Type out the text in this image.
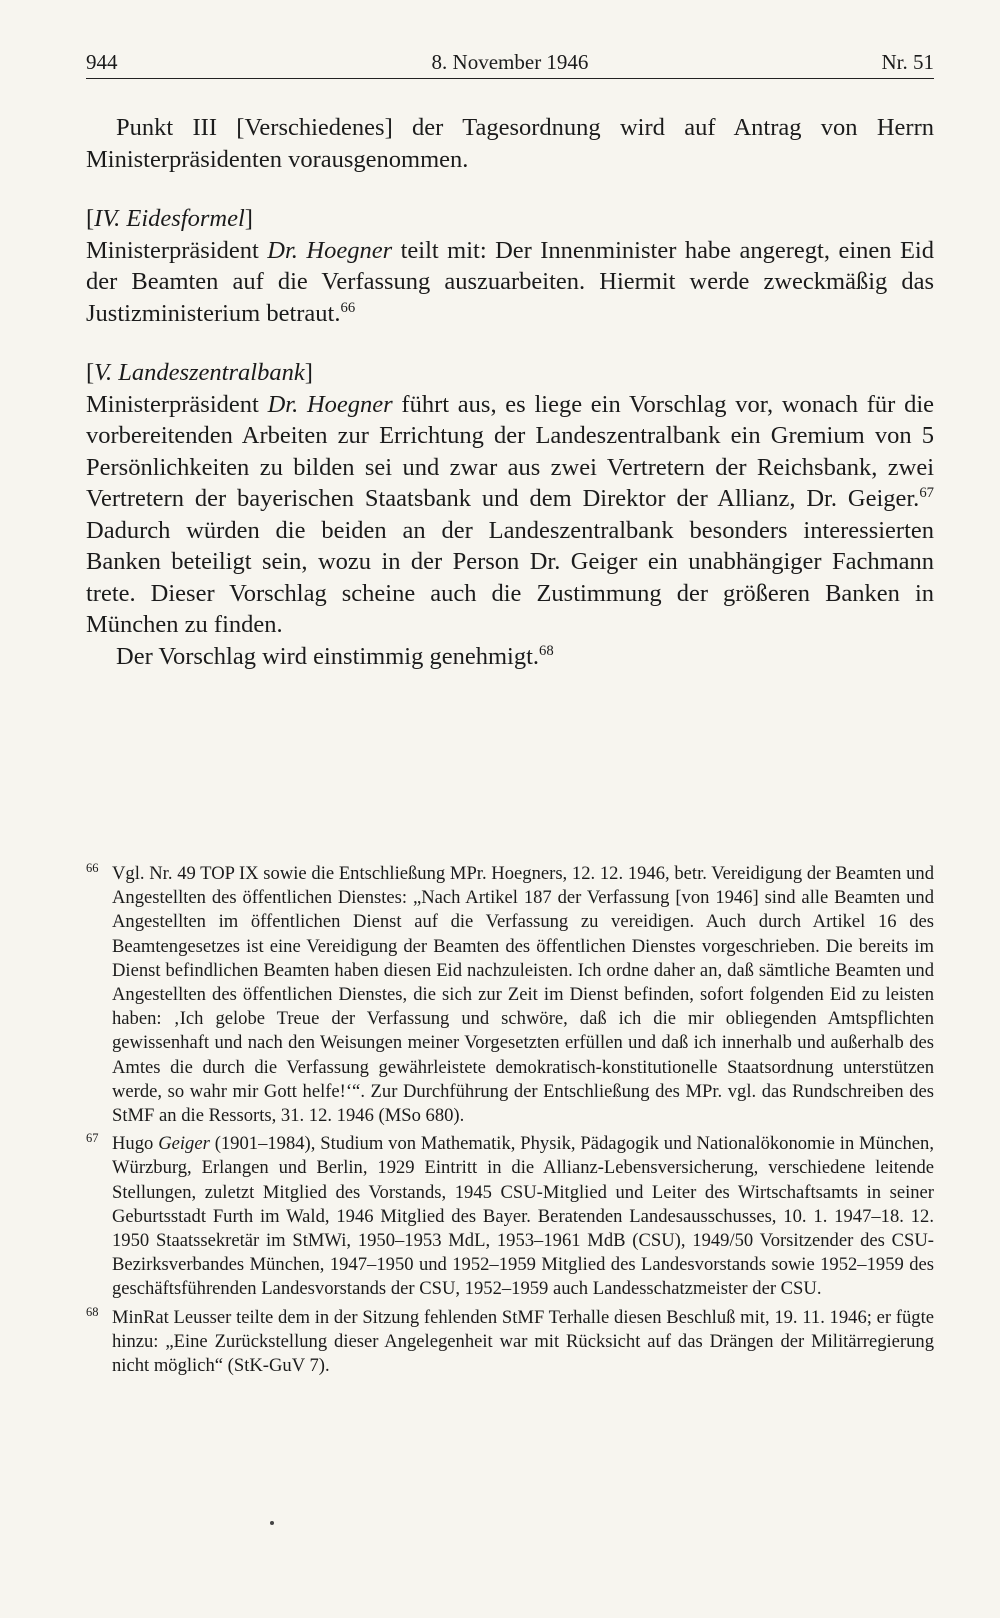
944	8. November 1946	Nr. 51

Punkt III [Verschiedenes] der Tagesordnung wird auf Antrag von Herrn Ministerpräsidenten vorausgenommen.

[IV. Eidesformel]

Ministerpräsident Dr. Hoegner teilt mit: Der Innenminister habe angeregt, einen Eid der Beamten auf die Verfassung auszuarbeiten. Hiermit werde zweckmäßig das Justizministerium betraut.$^{66}$

[V. Landeszentralbank]

Ministerpräsident Dr. Hoegner führt aus, es liege ein Vorschlag vor, wonach für die vorbereitenden Arbeiten zur Errichtung der Landeszentralbank ein Gremium von 5 Persönlichkeiten zu bilden sei und zwar aus zwei Vertretern der Reichsbank, zwei Vertretern der bayerischen Staatsbank und dem Direktor der Allianz, Dr. Geiger.$^{67}$ Dadurch würden die beiden an der Landeszentralbank besonders interessierten Banken beteiligt sein, wozu in der Person Dr. Geiger ein unabhängiger Fachmann trete. Dieser Vorschlag scheine auch die Zustimmung der größeren Banken in München zu finden.

Der Vorschlag wird einstimmig genehmigt.$^{68}$

66 Vgl. Nr. 49 TOP IX sowie die Entschließung MPr. Hoegners, 12. 12. 1946, betr. Vereidigung der Beamten und Angestellten des öffentlichen Dienstes: „Nach Artikel 187 der Verfassung [von 1946] sind alle Beamten und Angestellten im öffentlichen Dienst auf die Verfassung zu vereidigen. Auch durch Artikel 16 des Beamtengesetzes ist eine Vereidigung der Beamten des öffentlichen Dienstes vorgeschrieben. Die bereits im Dienst befindlichen Beamten haben diesen Eid nachzuleisten. Ich ordne daher an, daß sämtliche Beamten und Angestellten des öffentlichen Dienstes, die sich zur Zeit im Dienst befinden, sofort folgenden Eid zu leisten haben: ‚Ich gelobe Treue der Verfassung und schwöre, daß ich die mir obliegenden Amtspflichten gewissenhaft und nach den Weisungen meiner Vorgesetzten erfüllen und daß ich innerhalb und außerhalb des Amtes die durch die Verfassung gewährleistete demokratisch-konstitutionelle Staatsordnung unterstützen werde, so wahr mir Gott helfe!‘“. Zur Durchführung der Entschließung des MPr. vgl. das Rundschreiben des StMF an die Ressorts, 31. 12. 1946 (MSo 680).

67 Hugo Geiger (1901–1984), Studium von Mathematik, Physik, Pädagogik und Nationalökonomie in München, Würzburg, Erlangen und Berlin, 1929 Eintritt in die Allianz-Lebensversicherung, verschiedene leitende Stellungen, zuletzt Mitglied des Vorstands, 1945 CSU-Mitglied und Leiter des Wirtschaftsamts in seiner Geburtsstadt Furth im Wald, 1946 Mitglied des Bayer. Beratenden Landesausschusses, 10. 1. 1947–18. 12. 1950 Staatssekretär im StMWi, 1950–1953 MdL, 1953–1961 MdB (CSU), 1949/50 Vorsitzender des CSU-Bezirksverbandes München, 1947–1950 und 1952–1959 Mitglied des Landesvorstands sowie 1952–1959 des geschäftsführenden Landesvorstands der CSU, 1952–1959 auch Landesschatzmeister der CSU.

68 MinRat Leusser teilte dem in der Sitzung fehlenden StMF Terhalle diesen Beschluß mit, 19. 11. 1946; er fügte hinzu: „Eine Zurückstellung dieser Angelegenheit war mit Rücksicht auf das Drängen der Militärregierung nicht möglich“ (StK-GuV 7).
